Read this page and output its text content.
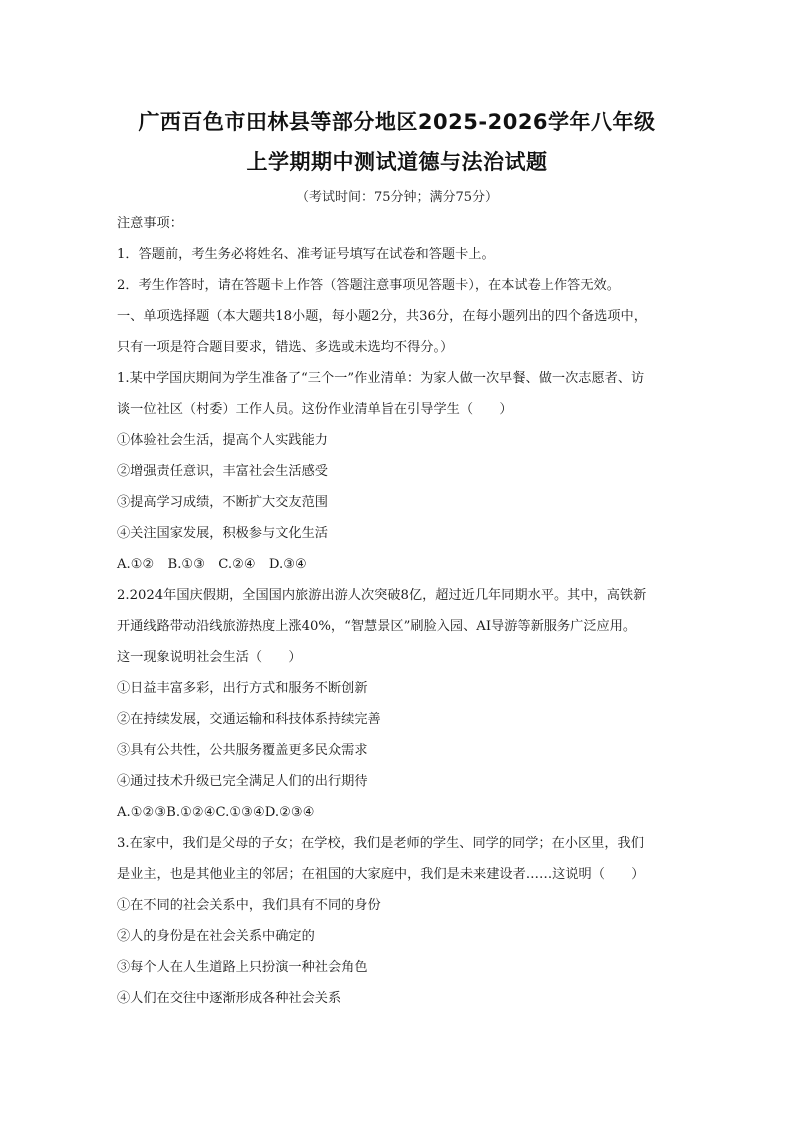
广西百色市田林县等部分地区2025-2026学年八年级
上学期期中测试道德与法治试题
（考试时间：75分钟；满分75分）
注意事项：
1．答题前，考生务必将姓名、准考证号填写在试卷和答题卡上。
2．考生作答时，请在答题卡上作答（答题注意事项见答题卡），在本试卷上作答无效。
一、单项选择题（本大题共18小题，每小题2分，共36分，在每小题列出的四个备选项中，
只有一项是符合题目要求，错选、多选或未选均不得分。）
1.某中学国庆期间为学生准备了“三个一”作业清单：为家人做一次早餐、做一次志愿者、访
谈一位社区（村委）工作人员。这份作业清单旨在引导学生（　　）
①体验社会生活，提高个人实践能力
②增强责任意识，丰富社会生活感受
③提高学习成绩，不断扩大交友范围
④关注国家发展，积极参与文化生活
A.①②　B.①③　C.②④　D.③④
2.2024年国庆假期，全国国内旅游出游人次突破8亿，超过近几年同期水平。其中，高铁新
开通线路带动沿线旅游热度上涨40%，“智慧景区”刷脸入园、AI导游等新服务广泛应用。
这一现象说明社会生活（　　）
①日益丰富多彩，出行方式和服务不断创新
②在持续发展，交通运输和科技体系持续完善
③具有公共性，公共服务覆盖更多民众需求
④通过技术升级已完全满足人们的出行期待
A.①②③B.①②④C.①③④D.②③④
3.在家中，我们是父母的子女；在学校，我们是老师的学生、同学的同学；在小区里，我们
是业主，也是其他业主的邻居；在祖国的大家庭中，我们是未来建设者……这说明（　　）
①在不同的社会关系中，我们具有不同的身份
②人的身份是在社会关系中确定的
③每个人在人生道路上只扮演一种社会角色
④人们在交往中逐渐形成各种社会关系
